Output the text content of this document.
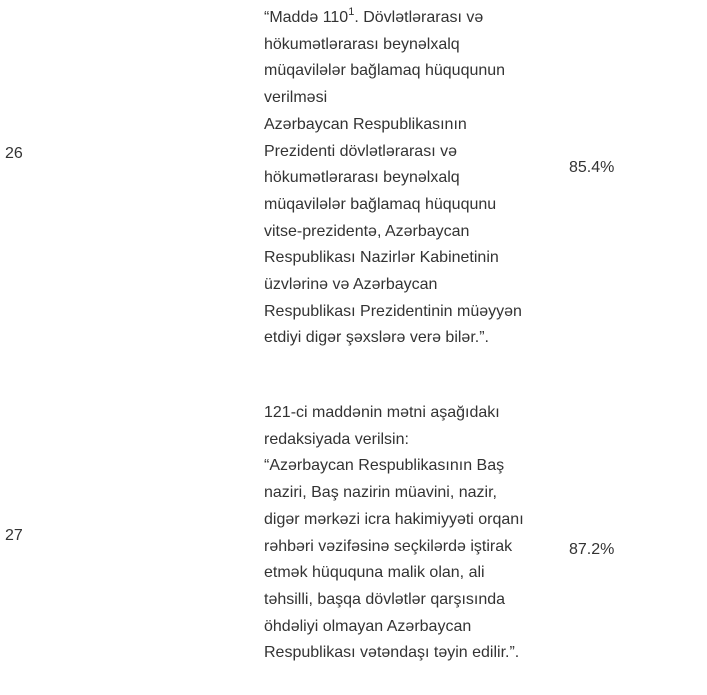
26
“Maddə $110^1$. Dövlətlərarası və
hökumətlərarası beynəlxalq
müqavilələr bağlamaq hüququnun
verilməsi
Azərbaycan Respublikasının
Prezidenti dövlətlərarası və
hökumətlərarası beynəlxalq
müqavilələr bağlamaq hüququnu
vitse-prezidentə, Azərbaycan
Respublikası Nazirlər Kabinetinin
üzvlərinə və Azərbaycan
Respublikası Prezidentinin müəyyən
etdiyi digər şəxslərə verə bilər.”.
85.4%
27
121-ci maddənin mətni aşağıdakı
redaksiyada verilsin:
“Azərbaycan Respublikasının Baş
naziri, Baş nazirin müavini, nazir,
digər mərkəzi icra hakimiyyəti orqanı
rəhbəri vəzifəsinə seçkilərdə iştirak
etmək hüququna malik olan, ali
təhsilli, başqa dövlətlər qarşısında
öhdəliyi olmayan Azərbaycan
Respublikası vətəndaşı təyin edilir.”.
87.2%
